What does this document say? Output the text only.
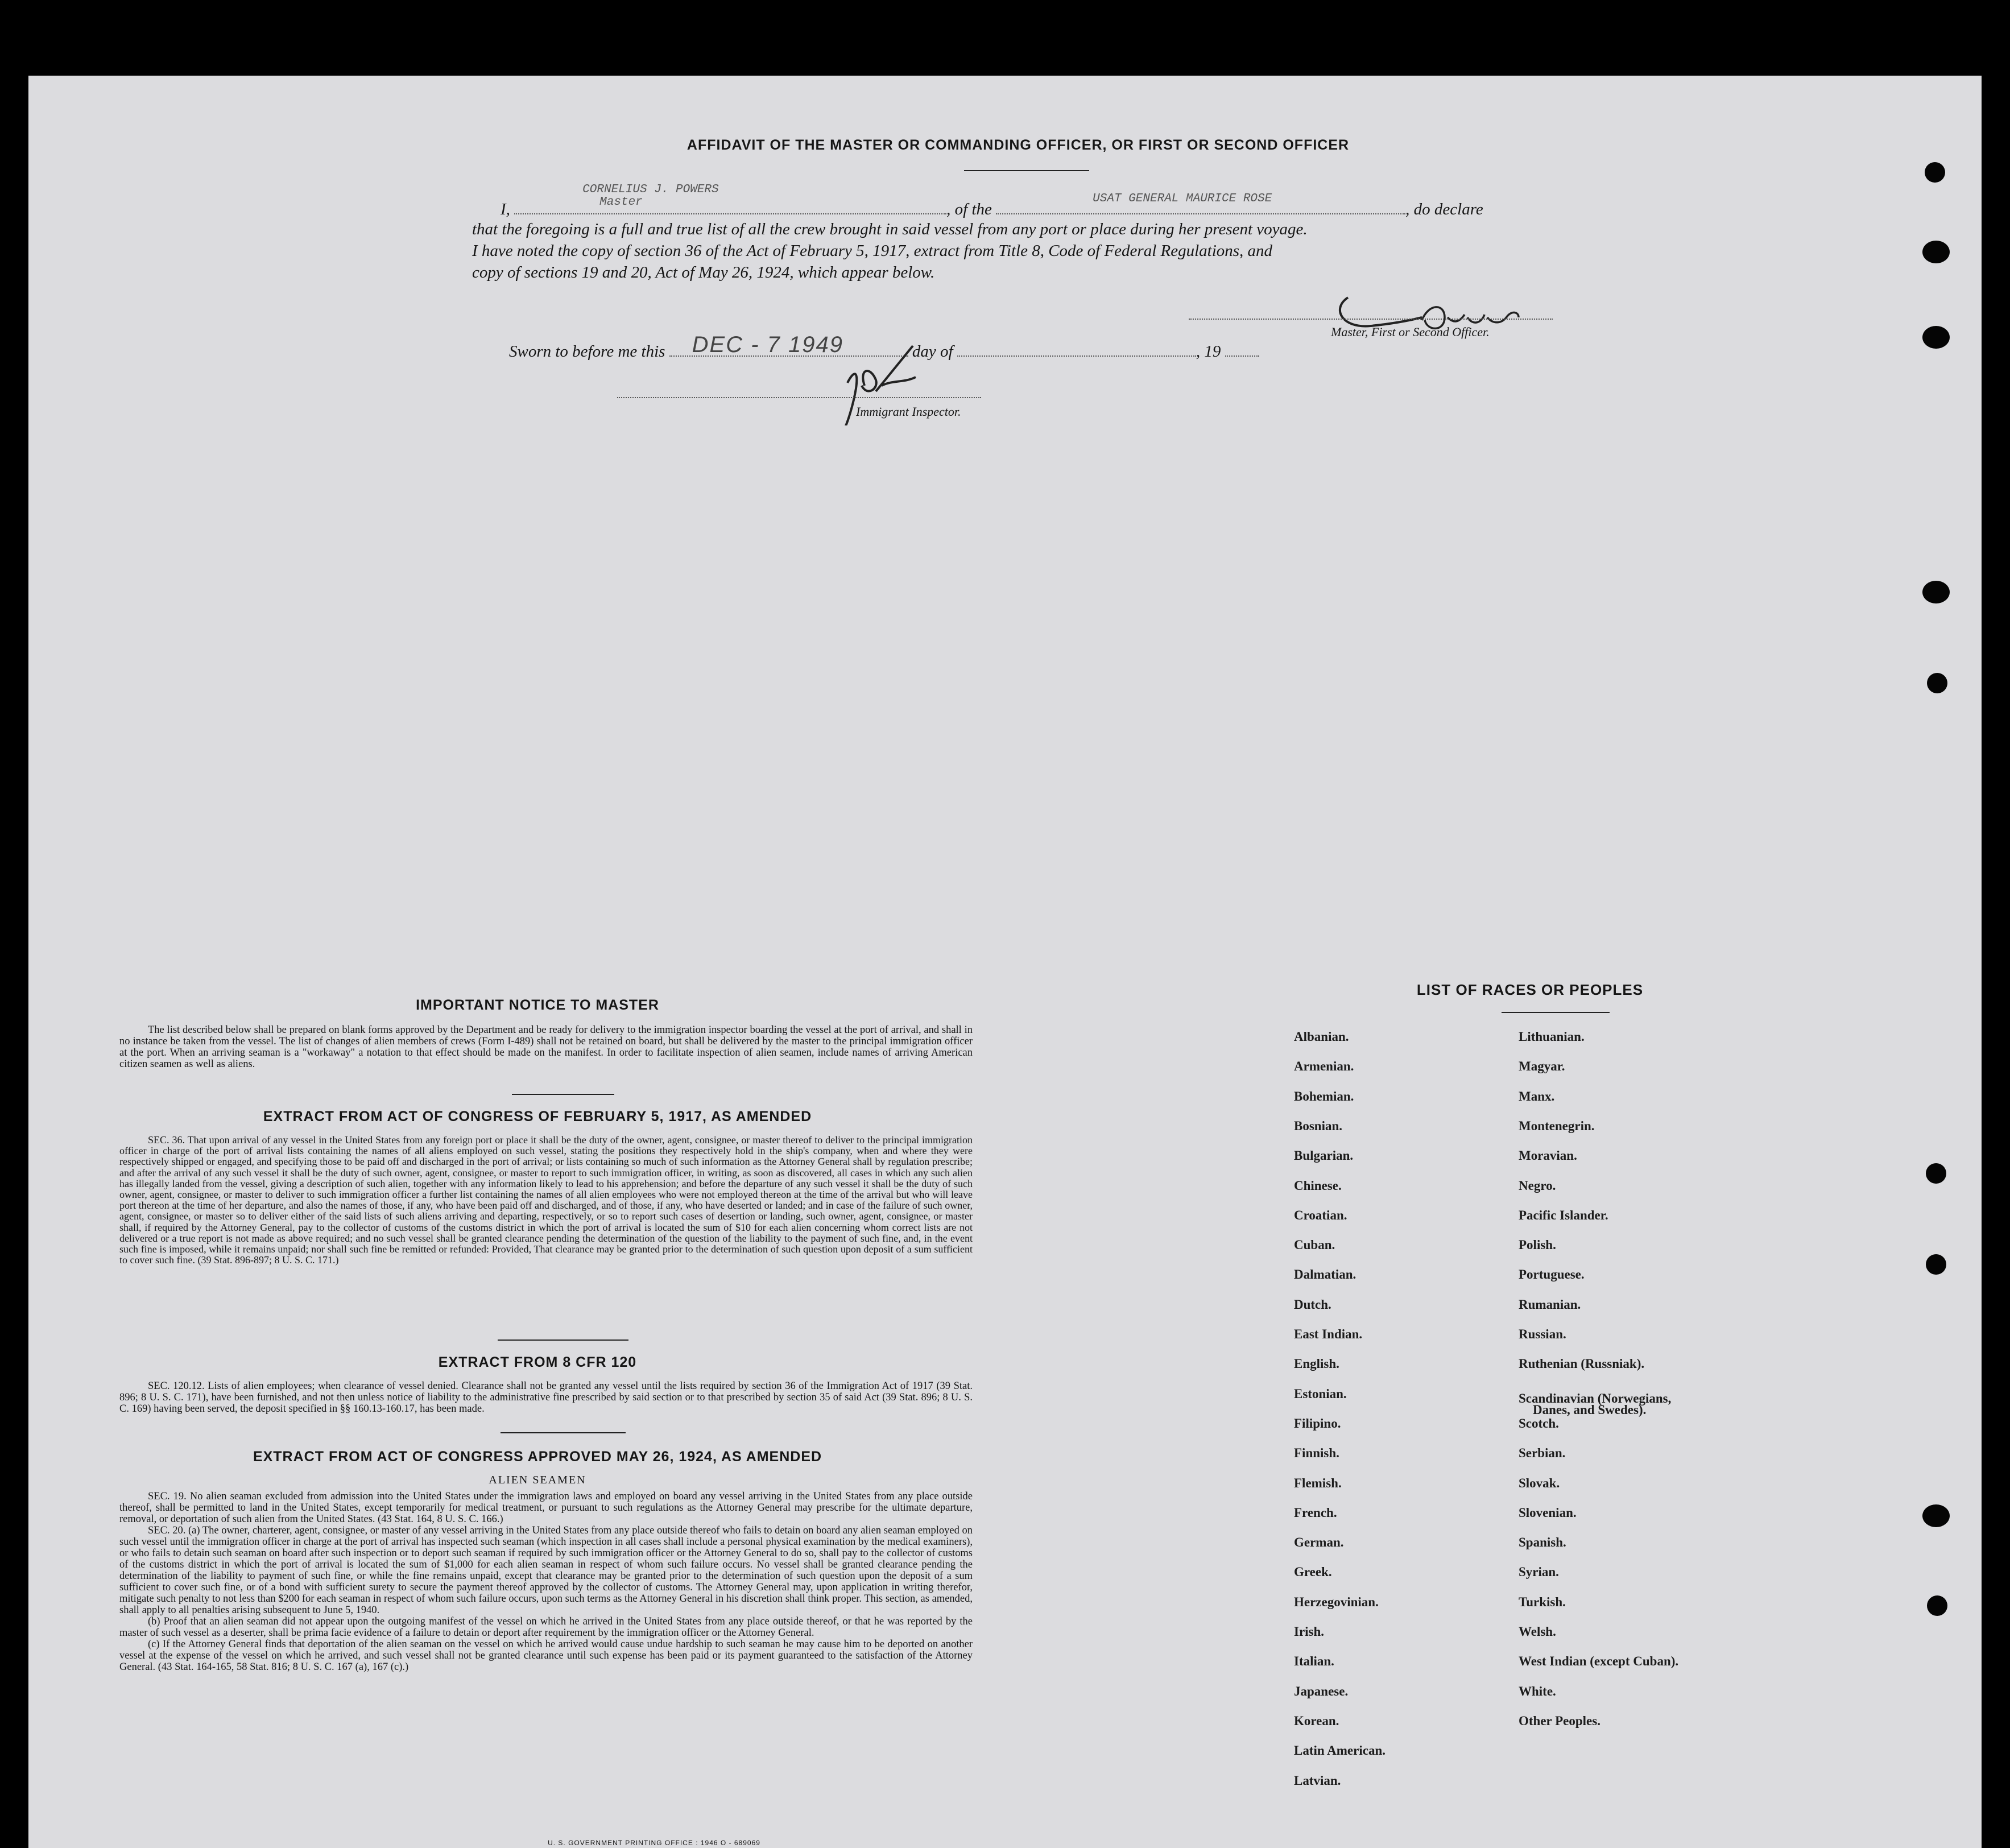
AFFIDAVIT OF THE MASTER OR COMMANDING OFFICER, OR FIRST OR SECOND OFFICER
I,
CORNELIUS J. POWERS
Master	, of the
USAT GENERAL MAURICE ROSE
, do declare
that the foregoing is a full and true list of all the crew brought in said vessel from any port or place during her present voyage.
I have noted the copy of section 36 of the Act of February 5, 1917, extract from Title 8, Code of Federal Regulations, and
copy of sections 19 and 20, Act of May 26, 1924, which appear below.
Master, First or Second Officer.
Sworn to before me this DEC - 7 1949	day of	, 19
Immigrant Inspector.
IMPORTANT NOTICE TO MASTER
The list described below shall be prepared on blank forms approved by the Department and be ready for delivery to the immigration inspector boarding the vessel at the port of arrival, and shall in no instance be taken from the vessel. The list of changes of alien members of crews (Form I-489) shall not be retained on board, but shall be delivered by the master to the principal immigration officer at the port. When an arriving seaman is a "workaway" a notation to that effect should be made on the manifest. In order to facilitate inspection of alien seamen, include names of arriving American citizen seamen as well as aliens.
EXTRACT FROM ACT OF CONGRESS OF FEBRUARY 5, 1917, AS AMENDED
SEC. 36. That upon arrival of any vessel in the United States from any foreign port or place it shall be the duty of the owner, agent, consignee, or master thereof to deliver to the principal immigration officer in charge of the port of arrival lists containing the names of all aliens employed on such vessel, stating the positions they respectively hold in the ship's company, when and where they were respectively shipped or engaged, and specifying those to be paid off and discharged in the port of arrival; or lists containing so much of such information as the Attorney General shall by regulation prescribe; and after the arrival of any such vessel it shall be the duty of such owner, agent, consignee, or master to report to such immigration officer, in writing, as soon as discovered, all cases in which any such alien has illegally landed from the vessel, giving a description of such alien, together with any information likely to lead to his apprehension; and before the departure of any such vessel it shall be the duty of such owner, agent, consignee, or master to deliver to such immigration officer a further list containing the names of all alien employees who were not employed thereon at the time of the arrival but who will leave port thereon at the time of her departure, and also the names of those, if any, who have been paid off and discharged, and of those, if any, who have deserted or landed; and in case of the failure of such owner, agent, consignee, or master so to deliver either of the said lists of such aliens arriving and departing, respectively, or so to report such cases of desertion or landing, such owner, agent, consignee, or master shall, if required by the Attorney General, pay to the collector of customs of the customs district in which the port of arrival is located the sum of $10 for each alien concerning whom correct lists are not delivered or a true report is not made as above required; and no such vessel shall be granted clearance pending the determination of the question of the liability to the payment of such fine, and, in the event such fine is imposed, while it remains unpaid; nor shall such fine be remitted or refunded: Provided, That clearance may be granted prior to the determination of such question upon deposit of a sum sufficient to cover such fine. (39 Stat. 896-897; 8 U. S. C. 171.)
EXTRACT FROM 8 CFR 120
SEC. 120.12. Lists of alien employees; when clearance of vessel denied. Clearance shall not be granted any vessel until the lists required by section 36 of the Immigration Act of 1917 (39 Stat. 896; 8 U. S. C. 171), have been furnished, and not then unless notice of liability to the administrative fine prescribed by said section or to that prescribed by section 35 of said Act (39 Stat. 896; 8 U. S. C. 169) having been served, the deposit specified in §§ 160.13-160.17, has been made.
EXTRACT FROM ACT OF CONGRESS APPROVED MAY 26, 1924, AS AMENDED
ALIEN SEAMEN
SEC. 19. No alien seaman excluded from admission into the United States under the immigration laws and employed on board any vessel arriving in the United States from any place outside thereof, shall be permitted to land in the United States, except temporarily for medical treatment, or pursuant to such regulations as the Attorney General may prescribe for the ultimate departure, removal, or deportation of such alien from the United States. (43 Stat. 164, 8 U. S. C. 166.)
SEC. 20. (a) The owner, charterer, agent, consignee, or master of any vessel arriving in the United States from any place outside thereof who fails to detain on board any alien seaman employed on such vessel until the immigration officer in charge at the port of arrival has inspected such seaman (which inspection in all cases shall include a personal physical examination by the medical examiners), or who fails to detain such seaman on board after such inspection or to deport such seaman if required by such immigration officer or the Attorney General to do so, shall pay to the collector of customs of the customs district in which the port of arrival is located the sum of $1,000 for each alien seaman in respect of whom such failure occurs. No vessel shall be granted clearance pending the determination of the liability to payment of such fine, or while the fine remains unpaid, except that clearance may be granted prior to the determination of such question upon the deposit of a sum sufficient to cover such fine, or of a bond with sufficient surety to secure the payment thereof approved by the collector of customs. The Attorney General may, upon application in writing therefor, mitigate such penalty to not less than $200 for each seaman in respect of whom such failure occurs, upon such terms as the Attorney General in his discretion shall think proper. This section, as amended, shall apply to all penalties arising subsequent to June 5, 1940.
(b) Proof that an alien seaman did not appear upon the outgoing manifest of the vessel on which he arrived in the United States from any place outside thereof, or that he was reported by the master of such vessel as a deserter, shall be prima facie evidence of a failure to detain or deport after requirement by the immigration officer or the Attorney General.
(c) If the Attorney General finds that deportation of the alien seaman on the vessel on which he arrived would cause undue hardship to such seaman he may cause him to be deported on another vessel at the expense of the vessel on which he arrived, and such vessel shall not be granted clearance until such expense has been paid or its payment guaranteed to the satisfaction of the Attorney General. (43 Stat. 164-165, 58 Stat. 816; 8 U. S. C. 167 (a), 167 (c).)
U. S. GOVERNMENT PRINTING OFFICE : 1946 O - 689069
LIST OF RACES OR PEOPLES
Albanian.
Armenian.
Bohemian.
Bosnian.
Bulgarian.
Chinese.
Croatian.
Cuban.
Dalmatian.
Dutch.
East Indian.
English.
Estonian.
Filipino.
Finnish.
Flemish.
French.
German.
Greek.
Herzegovinian.
Irish.
Italian.
Japanese.
Korean.
Latin American.
Latvian.
Lithuanian.
Magyar.
Manx.
Montenegrin.
Moravian.
Negro.
Pacific Islander.
Polish.
Portuguese.
Rumanian.
Russian.
Ruthenian (Russniak).
Scandinavian (Norwegians,
Danes, and Swedes).
Scotch.
Serbian.
Slovak.
Slovenian.
Spanish.
Syrian.
Turkish.
Welsh.
West Indian (except Cuban).
White.
Other Peoples.
